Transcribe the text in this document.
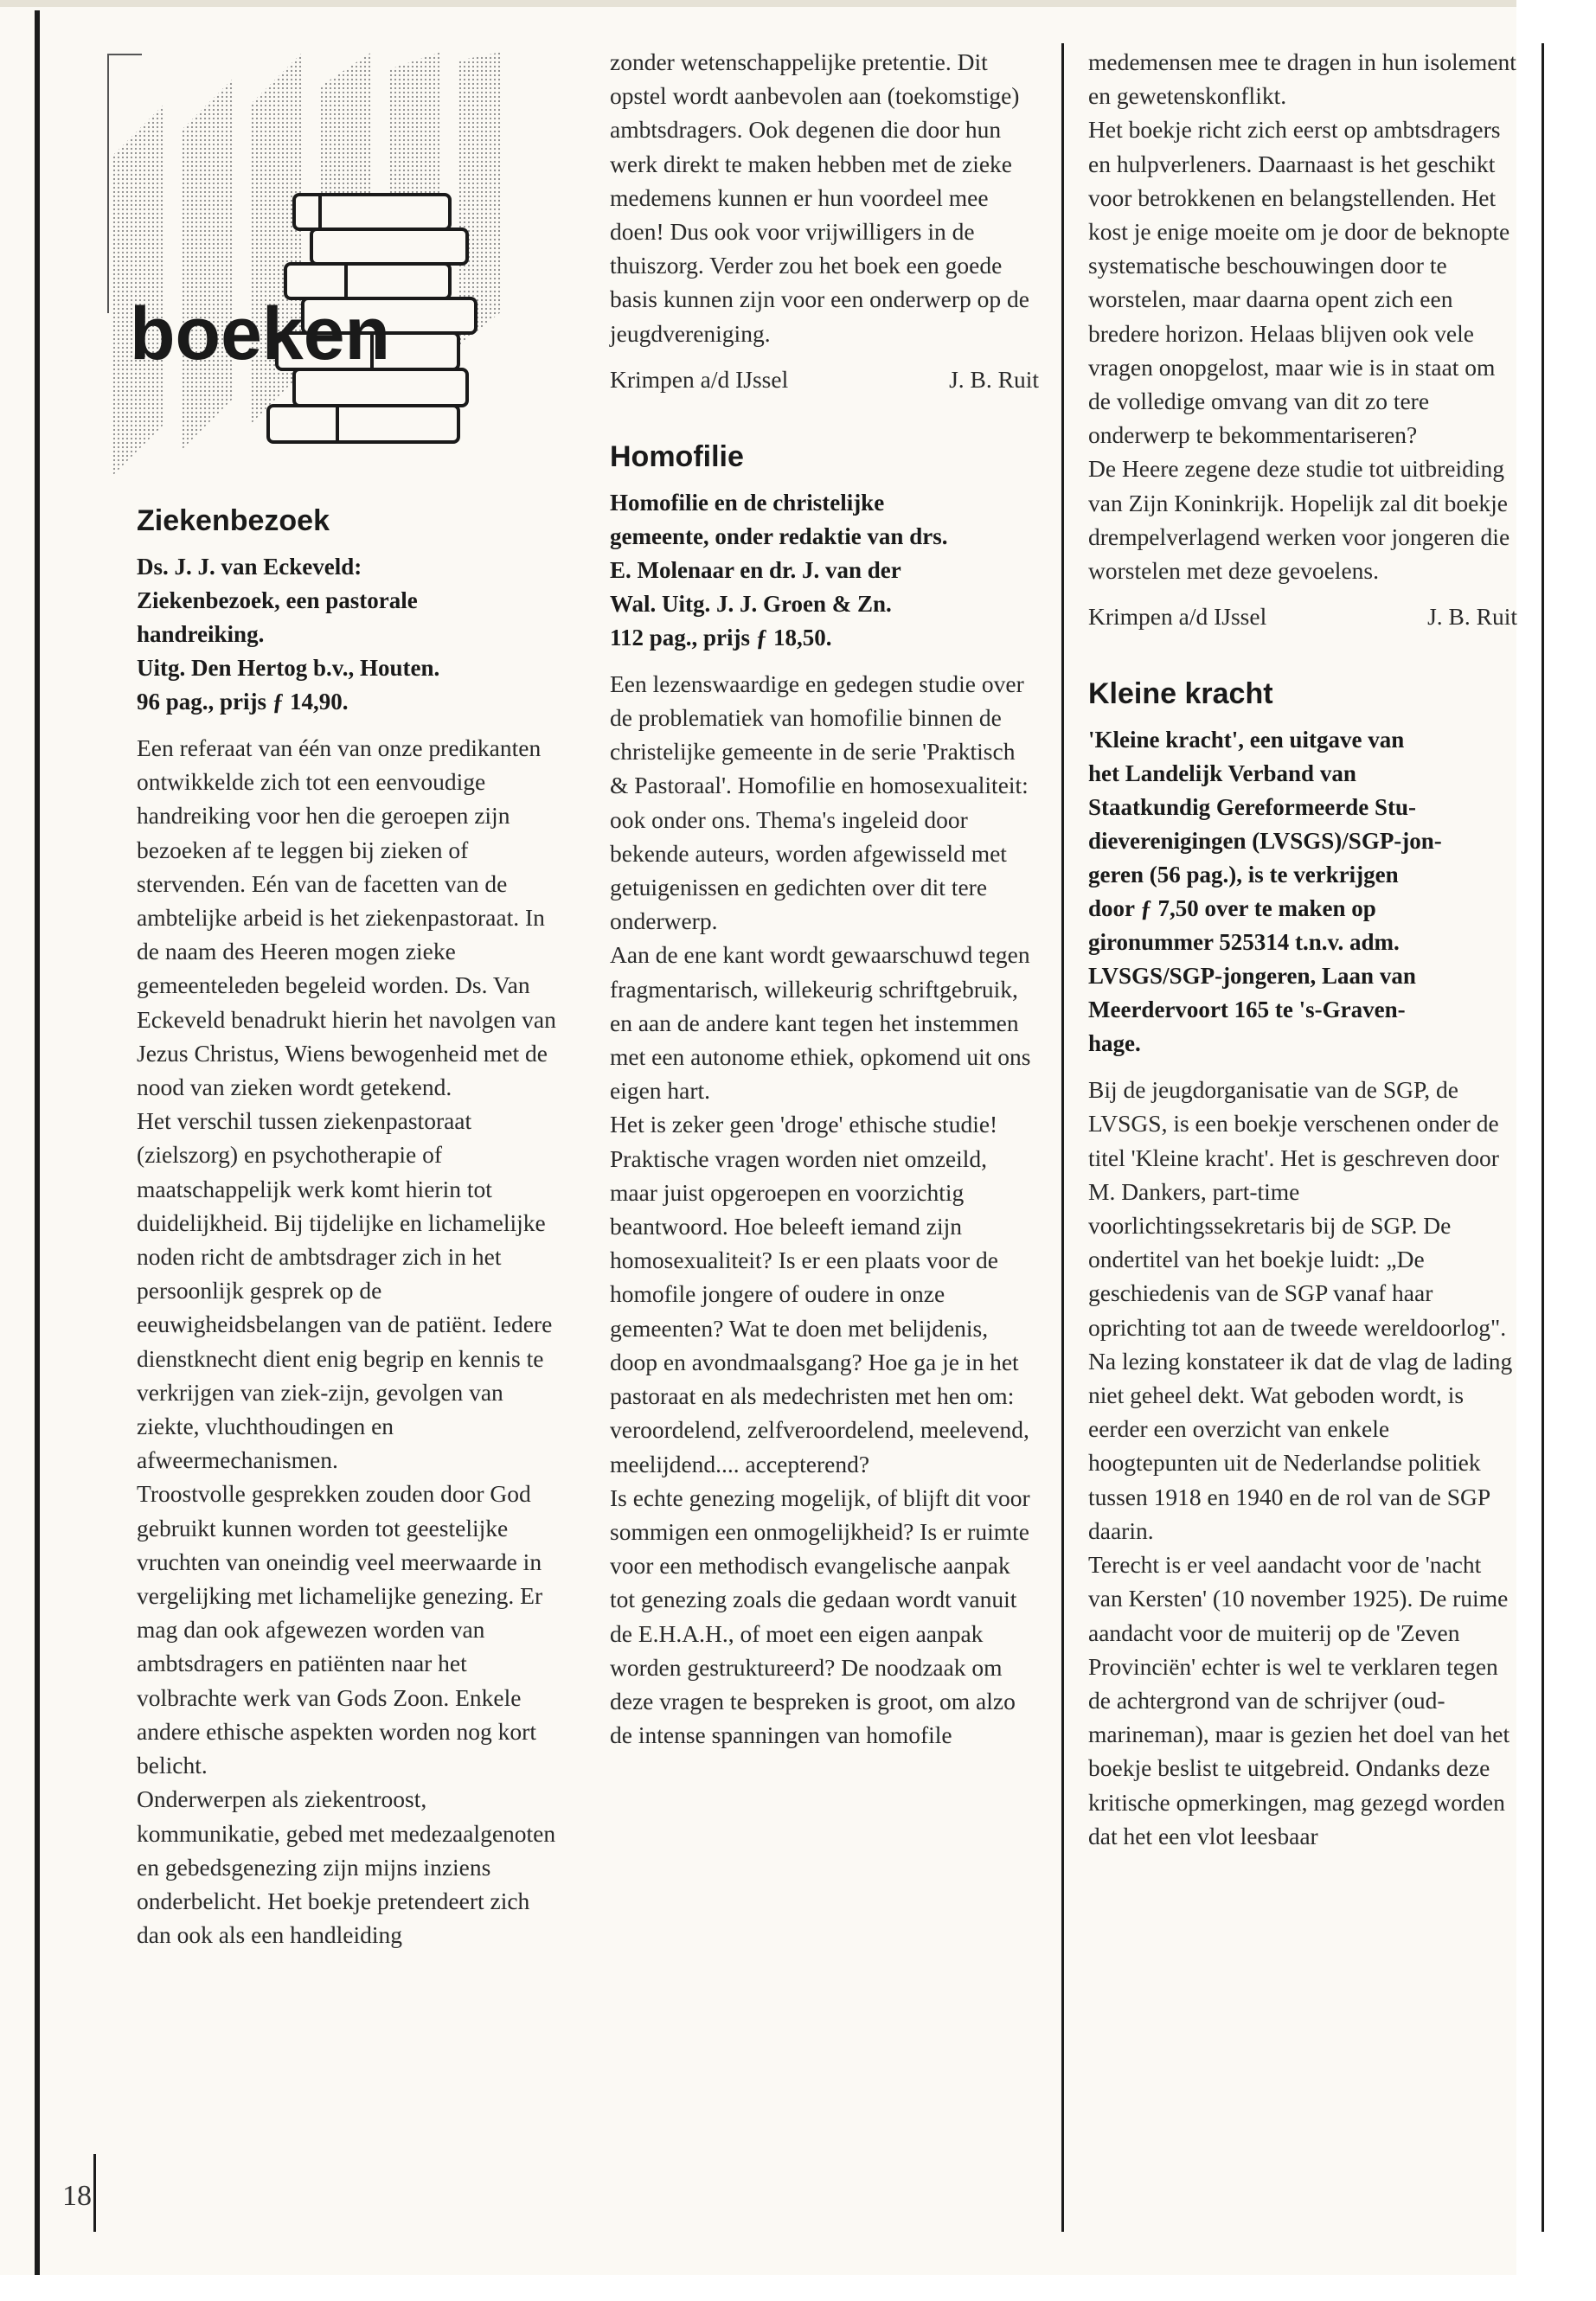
boeken
Ziekenbezoek
Ds. J. J. van Eckeveld:
Ziekenbezoek, een pastorale
handreiking.
Uitg. Den Hertog b.v., Houten.
96 pag., prijs ƒ 14,90.

Een referaat van één van onze predikanten ontwikkelde zich tot een eenvoudige handreiking voor hen die geroepen zijn bezoeken af te leggen bij zieken of stervenden. Eén van de facetten van de ambtelijke arbeid is het ziekenpastoraat. In de naam des Heeren mogen zieke gemeenteleden begeleid worden. Ds. Van Eckeveld benadrukt hierin het navolgen van Jezus Christus, Wiens bewogenheid met de nood van zieken wordt getekend.

Het verschil tussen ziekenpastoraat (zielszorg) en psychotherapie of maatschappelijk werk komt hierin tot duidelijkheid. Bij tijdelijke en lichamelijke noden richt de ambtsdrager zich in het persoonlijk gesprek op de eeuwigheidsbelangen van de patiënt. Iedere dienstknecht dient enig begrip en kennis te verkrijgen van ziek-zijn, gevolgen van ziekte, vluchthoudingen en afweermechanismen.

Troostvolle gesprekken zouden door God gebruikt kunnen worden tot geestelijke vruchten van oneindig veel meerwaarde in vergelijking met lichamelijke genezing. Er mag dan ook afgewezen worden van ambtsdragers en patiënten naar het volbrachte werk van Gods Zoon. Enkele andere ethische aspekten worden nog kort belicht.

Onderwerpen als ziekentroost, kommunikatie, gebed met medezaalgenoten en gebedsgenezing zijn mijns inziens onderbelicht. Het boekje pretendeert zich dan ook als een handleiding

zonder wetenschappelijke pretentie. Dit opstel wordt aanbevolen aan (toekomstige) ambtsdragers. Ook degenen die door hun werk direkt te maken hebben met de zieke medemens kunnen er hun voordeel mee doen! Dus ook voor vrijwilligers in de thuiszorg. Verder zou het boek een goede basis kunnen zijn voor een onderwerp op de jeugdvereniging.

Krimpen a/d IJssel	J. B. Ruit
Homofilie
Homofilie en de christelijke
gemeente, onder redaktie van drs.
E. Molenaar en dr. J. van der
Wal. Uitg. J. J. Groen & Zn.
112 pag., prijs ƒ 18,50.

Een lezenswaardige en gedegen studie over de problematiek van homofilie binnen de christelijke gemeente in de serie 'Praktisch & Pastoraal'. Homofilie en homosexualiteit: ook onder ons. Thema's ingeleid door bekende auteurs, worden afgewisseld met getuigenissen en gedichten over dit tere onderwerp.

Aan de ene kant wordt gewaarschuwd tegen fragmentarisch, willekeurig schriftgebruik, en aan de andere kant tegen het instemmen met een autonome ethiek, opkomend uit ons eigen hart.

Het is zeker geen 'droge' ethische studie! Praktische vragen worden niet omzeild, maar juist opgeroepen en voorzichtig beantwoord. Hoe beleeft iemand zijn homosexualiteit? Is er een plaats voor de homofile jongere of oudere in onze gemeenten? Wat te doen met belijdenis, doop en avondmaalsgang? Hoe ga je in het pastoraat en als medechristen met hen om: veroordelend, zelfveroordelend, meelevend, meelijdend.... accepterend?

Is echte genezing mogelijk, of blijft dit voor sommigen een onmogelijkheid? Is er ruimte voor een methodisch evangelische aanpak tot genezing zoals die gedaan wordt vanuit de E.H.A.H., of moet een eigen aanpak worden gestruktureerd? De noodzaak om deze vragen te bespreken is groot, om alzo de intense spanningen van homofile

medemensen mee te dragen in hun isolement en gewetenskonflikt.

Het boekje richt zich eerst op ambtsdragers en hulpverleners. Daarnaast is het geschikt voor betrokkenen en belangstellenden. Het kost je enige moeite om je door de beknopte systematische beschouwingen door te worstelen, maar daarna opent zich een bredere horizon. Helaas blijven ook vele vragen onopgelost, maar wie is in staat om de volledige omvang van dit zo tere onderwerp te bekommentariseren?

De Heere zegene deze studie tot uitbreiding van Zijn Koninkrijk. Hopelijk zal dit boekje drempelverlagend werken voor jongeren die worstelen met deze gevoelens.

Krimpen a/d IJssel	J. B. Ruit
Kleine kracht
'Kleine kracht', een uitgave van
het Landelijk Verband van
Staatkundig Gereformeerde Stu-
dieverenigingen (LVSGS)/SGP-jon-
geren (56 pag.), is te verkrijgen
door ƒ 7,50 over te maken op
gironummer 525314 t.n.v. adm.
LVSGS/SGP-jongeren, Laan van
Meerdervoort 165 te 's-Graven-
hage.

Bij de jeugdorganisatie van de SGP, de LVSGS, is een boekje verschenen onder de titel 'Kleine kracht'. Het is geschreven door M. Dankers, part-time voorlichtingssekretaris bij de SGP. De ondertitel van het boekje luidt: „De geschiedenis van de SGP vanaf haar oprichting tot aan de tweede wereldoorlog". Na lezing konstateer ik dat de vlag de lading niet geheel dekt. Wat geboden wordt, is eerder een overzicht van enkele hoogtepunten uit de Nederlandse politiek tussen 1918 en 1940 en de rol van de SGP daarin.

Terecht is er veel aandacht voor de 'nacht van Kersten' (10 november 1925). De ruime aandacht voor de muiterij op de 'Zeven Provinciën' echter is wel te verklaren tegen de achtergrond van de schrijver (oud-marineman), maar is gezien het doel van het boekje beslist te uitgebreid. Ondanks deze kritische opmerkingen, mag gezegd worden dat het een vlot leesbaar

18
